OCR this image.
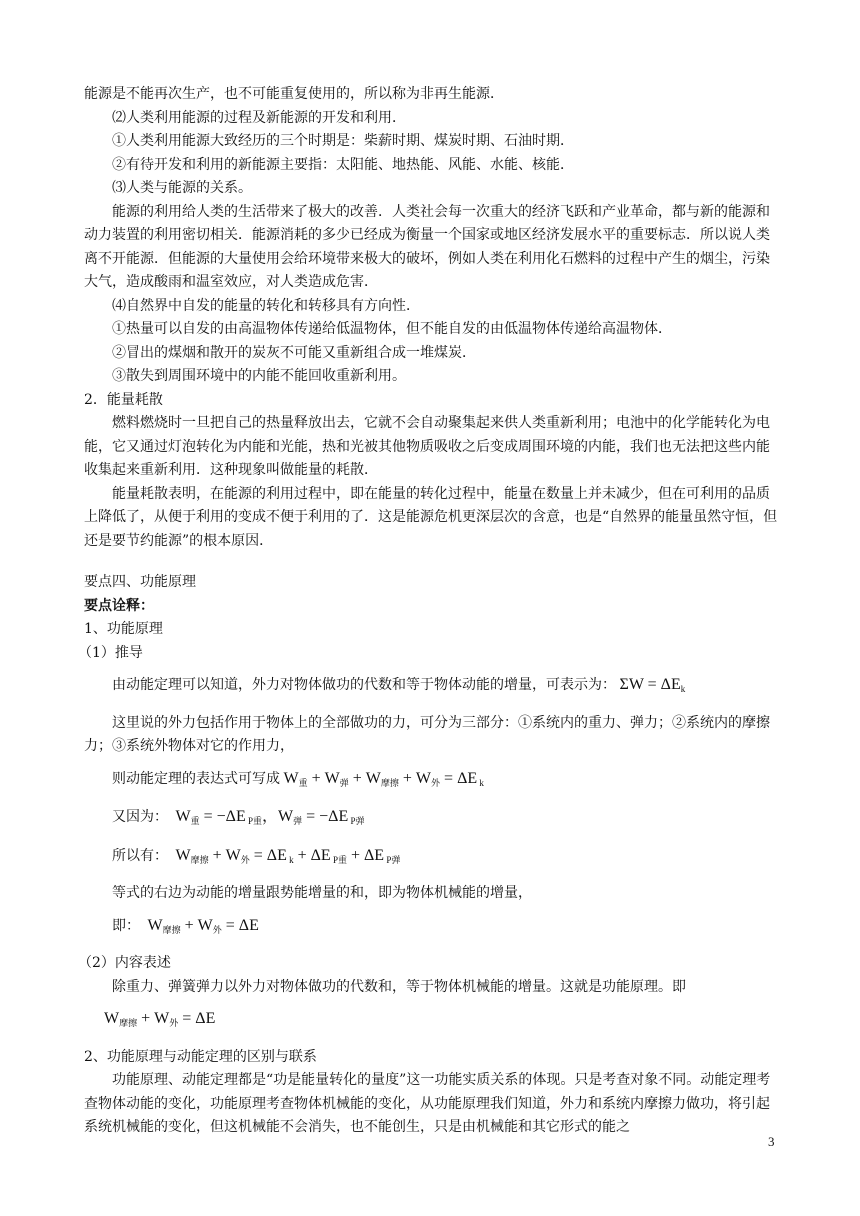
能源是不能再次生产，也不可能重复使用的，所以称为非再生能源．

⑵人类利用能源的过程及新能源的开发和利用．

①人类利用能源大致经历的三个时期是：柴薪时期、煤炭时期、石油时期．

②有待开发和利用的新能源主要指：太阳能、地热能、风能、水能、核能．

⑶人类与能源的关系。

能源的利用给人类的生活带来了极大的改善．人类社会每一次重大的经济飞跃和产业革命，都与新的能源和动力装置的利用密切相关．能源消耗的多少已经成为衡量一个国家或地区经济发展水平的重要标志．所以说人类离不开能源．但能源的大量使用会给环境带来极大的破坏，例如人类在利用化石燃料的过程中产生的烟尘，污染大气，造成酸雨和温室效应，对人类造成危害．

⑷自然界中自发的能量的转化和转移具有方向性．

①热量可以自发的由高温物体传递给低温物体，但不能自发的由低温物体传递给高温物体．

②冒出的煤烟和散开的炭灰不可能又重新组合成一堆煤炭．

③散失到周围环境中的内能不能回收重新利用。

2．能量耗散

燃料燃烧时一旦把自己的热量释放出去，它就不会自动聚集起来供人类重新利用；电池中的化学能转化为电能，它又通过灯泡转化为内能和光能，热和光被其他物质吸收之后变成周围环境的内能，我们也无法把这些内能收集起来重新利用．这种现象叫做能量的耗散．

能量耗散表明，在能源的利用过程中，即在能量的转化过程中，能量在数量上并未减少，但在可利用的品质上降低了，从便于利用的变成不便于利用的了．这是能源危机更深层次的含意，也是“自然界的能量虽然守恒，但还是要节约能源”的根本原因．

要点四、功能原理

要点诠释：

1、功能原理

（1）推导

由动能定理可以知道，外力对物体做功的代数和等于物体动能的增量，可表示为： $\Sigma W = \Delta E_k$

这里说的外力包括作用于物体上的全部做功的力，可分为三部分：①系统内的重力、弹力；②系统内的摩擦力；③系统外物体对它的作用力，

则动能定理的表达式可写成 $W_重 + W_弹 + W_{摩擦} + W_外 = \Delta E$ $_k$

又因为：  $W_重 = -\Delta E$ $_{P重}$，$W_弹 = -\Delta E$ $_{P弹}$

所以有：  $W_{摩擦} + W_外 = \Delta E$ $_k$ + ΔE $_{P重}$ + ΔE $_{P弹}$

等式的右边为动能的增量跟势能增量的和，即为物体机械能的增量，

即：  $W_{摩擦} + W_外 = \Delta E$

（2）内容表述

除重力、弹簧弹力以外力对物体做功的代数和，等于物体机械能的增量。这就是功能原理。即

$W_{摩擦} + W_外 = \Delta E$

2、功能原理与动能定理的区别与联系

功能原理、动能定理都是“功是能量转化的量度”这一功能实质关系的体现。只是考查对象不同。动能定理考查物体动能的变化，功能原理考查物体机械能的变化，从功能原理我们知道，外力和系统内摩擦力做功，将引起系统机械能的变化，但这机械能不会消失，也不能创生，只是由机械能和其它形式的能之

3
